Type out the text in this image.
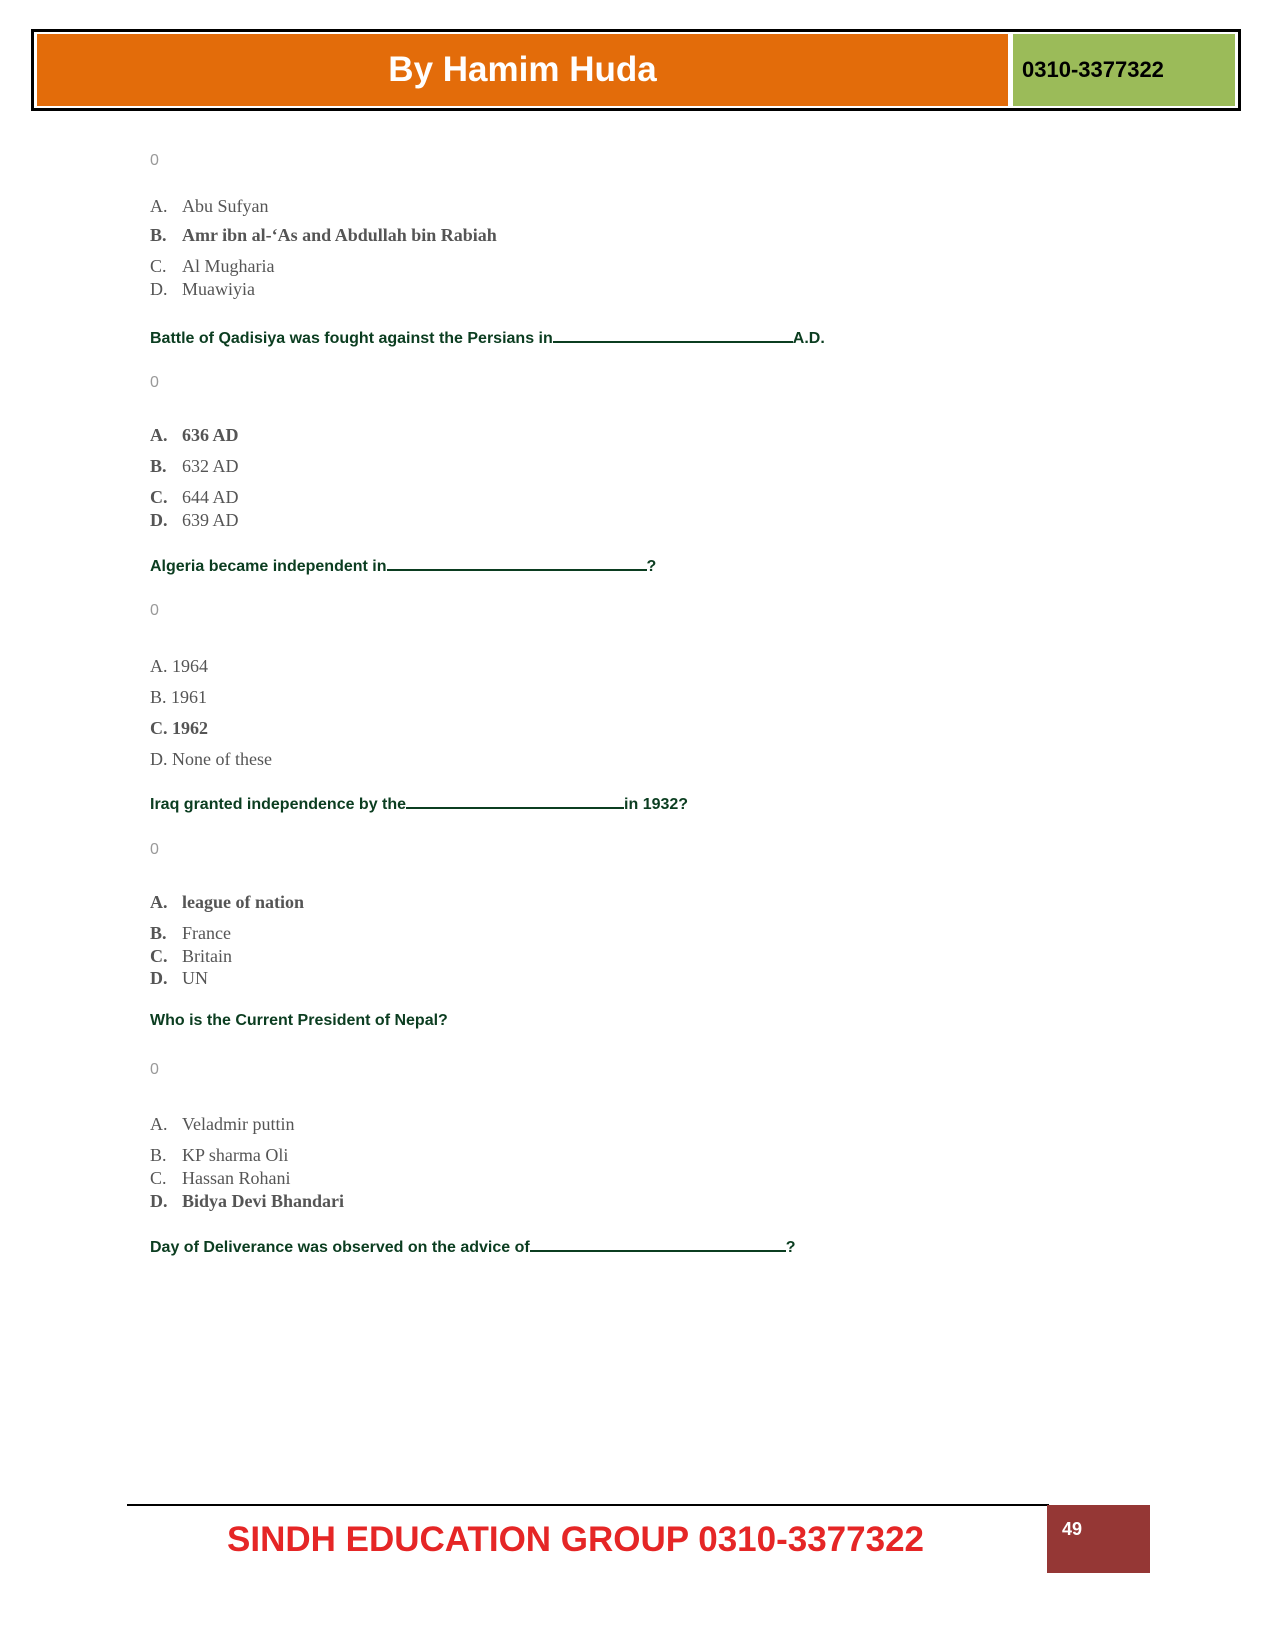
By Hamim Huda	0310-3377322
0
A. Abu Sufyan
B. Amr ibn al-‘As and Abdullah bin Rabiah
C. Al Mugharia
D. Muawiyia
Battle of Qadisiya was fought against the Persians in	A.D.
0
A. 636 AD
B. 632 AD
C. 644 AD
D. 639 AD
Algeria became independent in	?
0
A. 1964
B. 1961
C. 1962
D. None of these
Iraq granted independence by the	in 1932?
0
A. league of nation
B. France
C. Britain
D. UN
Who is the Current President of Nepal?
0
A. Veladmir puttin
B. KP sharma Oli
C. Hassan Rohani
D. Bidya Devi Bhandari
Day of Deliverance was observed on the advice of	?
SINDH EDUCATION GROUP 0310-3377322	49
